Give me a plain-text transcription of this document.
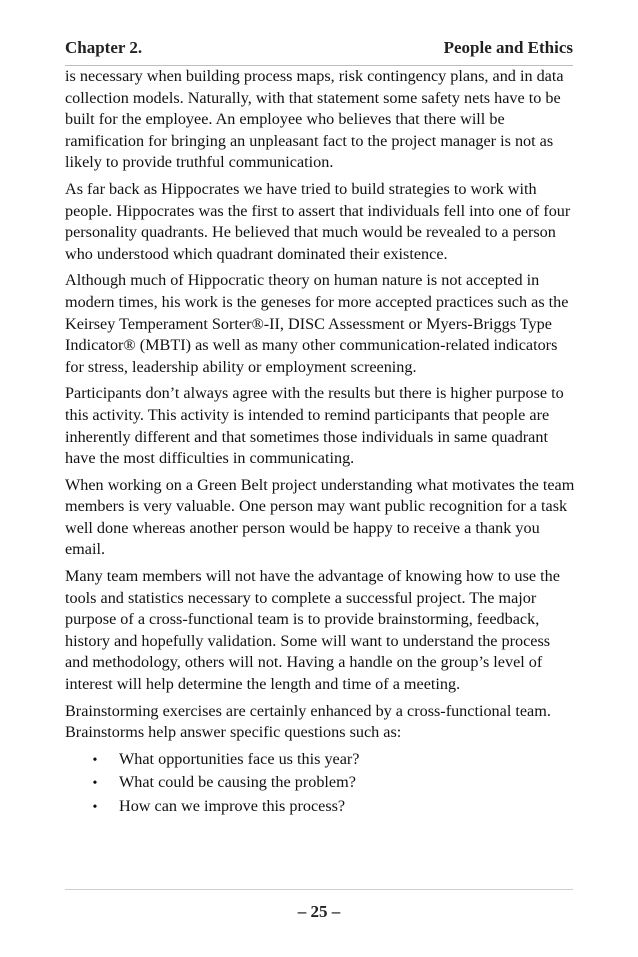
Chapter 2.	People and Ethics

is necessary when building process maps, risk contingency plans, and in data collection models. Naturally, with that statement some safety nets have to be built for the employee. An employee who believes that there will be ramification for bringing an unpleasant fact to the project manager is not as likely to provide truthful communication.

As far back as Hippocrates we have tried to build strategies to work with people. Hippocrates was the first to assert that individuals fell into one of four personality quadrants. He believed that much would be revealed to a person who understood which quadrant dominated their existence.

Although much of Hippocratic theory on human nature is not accepted in modern times, his work is the geneses for more accepted practices such as the Keirsey Temperament Sorter®-II, DISC Assessment or Myers-Briggs Type Indicator® (MBTI) as well as many other communication-related indicators for stress, leadership ability or employment screening.

Participants don’t always agree with the results but there is higher purpose to this activity. This activity is intended to remind participants that people are inherently different and that sometimes those individuals in same quadrant have the most difficulties in communicating.

When working on a Green Belt project understanding what motivates the team members is very valuable. One person may want public recognition for a task well done whereas another person would be happy to receive a thank you email.

Many team members will not have the advantage of knowing how to use the tools and statistics necessary to complete a successful project. The major purpose of a cross-functional team is to provide brainstorming, feedback, history and hopefully validation. Some will want to understand the process and methodology, others will not. Having a handle on the group’s level of interest will help determine the length and time of a meeting.

Brainstorming exercises are certainly enhanced by a cross-functional team. Brainstorms help answer specific questions such as:

•	What opportunities face us this year?
•	What could be causing the problem?
•	How can we improve this process?
– 25 –
